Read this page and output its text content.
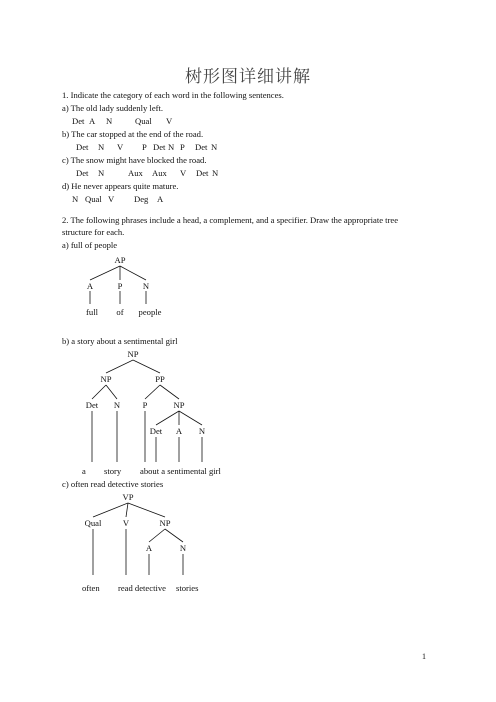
树形图详细讲解
1. Indicate the category of each word in the following sentences.
a) The old lady suddenly left.
Det A N	Qual V
b) The car stopped at the end of the road.
Det N V P Det N P Det N
c) The snow might have blocked the road.
Det N	Aux Aux V Det N
d) He never appears quite mature.
N Qual V Deg A
2. The following phrases include a head, a complement, and a specifier. Draw the appropriate tree
structure for each.
a) full of people
AP
A	P N
full of people
b) a story about a sentimental girl
NP
NP	PP
Det N	P	NP
Det A N
a story about a sentimental girl
c) often read detective stories
VP
Qual	V	NP
A	N
often read detective stories
1
